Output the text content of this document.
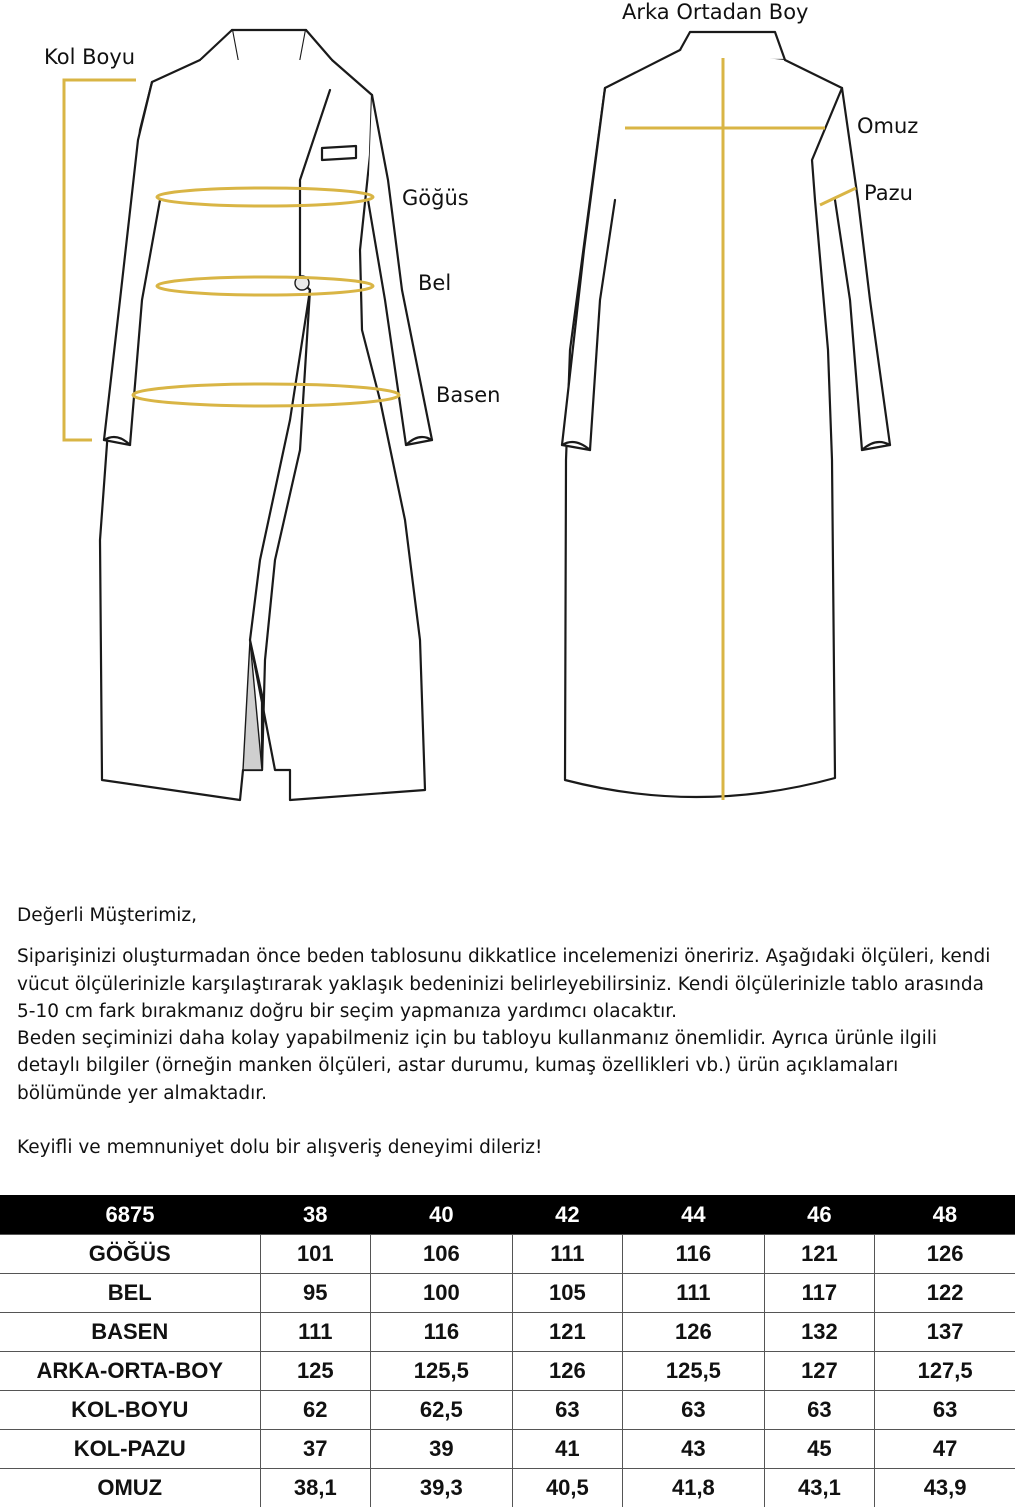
Kol Boyu
Arka Ortadan Boy
Omuz
Pazu
Göğüs
Bel
Basen

Değerli Müşterimiz,

Siparişinizi oluşturmadan önce beden tablosunu dikkatlice incelemenizi öneririz. Aşağıdaki ölçüleri, kendi vücut ölçülerinizle karşılaştırarak yaklaşık bedeninizi belirleyebilirsiniz. Kendi ölçülerinizle tablo arasında 5-10 cm fark bırakmanız doğru bir seçim yapmanıza yardımcı olacaktır.

Beden seçiminizi daha kolay yapabilmeniz için bu tabloyu kullanmanız önemlidir. Ayrıca ürünle ilgili detaylı bilgiler (örneğin manken ölçüleri, astar durumu, kumaş özellikleri vb.) ürün açıklamaları bölümünde yer almaktadır.

Keyifli ve memnuniyet dolu bir alışveriş deneyimi dileriz!

6875	38	40	42	44	46	48
GÖĞÜS	101	106	111	116	121	126
BEL	95	100	105	111	117	122
BASEN	111	116	121	126	132	137
ARKA-ORTA-BOY	125	125,5	126	125,5	127	127,5
KOL-BOYU	62	62,5	63	63	63	63
KOL-PAZU	37	39	41	43	45	47
OMUZ	38,1	39,3	40,5	41,8	43,1	43,9
